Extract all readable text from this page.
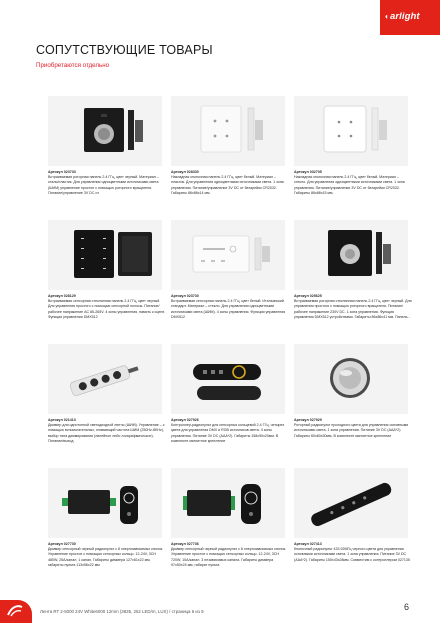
СОПУТСТВУЮЩИЕ ТОВАРЫ
Приобретаются отдельно
◖arlight
Артикул 023733
Встраиваемая роторная панель 2.4 ГГц, цвет черный. Материал – сталь/пластик. Для управления одноцветными источниками света (ШИМ) управление простое с помощью роторного вращателя. Питание/управление 3V DC от
Артикул 028330
Накладная кнопочная панель 2.4 ГГц, цвет белый. Материал – пластик. Для управления одноцветными источниками света. 1 зона управления. Питание/управление 3V DC от батарейки CR2032. Габариты 86х86х14 мм.
Артикул 032705
Накладная кнопочная панель 2.4 ГГц, цвет белый. Материал – стекло. Для управления одноцветными источниками света. 1 зона управления. Питание/управление 3V DC от батарейки CR2032. Габариты 86х86х15 мм.
Артикул 028129
Встраиваемая сенсорная стеклянная панель 2.4 ГГц, цвет черный. Для управления простого с помощью сенсорной полосы. Питание/рабочее напряжение AC 85-265V. 4 зоны управления, память к сцене. Функция управления DMX512
Артикул 023730
Встраиваемая сенсорная панель 2.4 ГГц, цвет белый. Итальянский стандарт. Материал – стекло. Для управления одноцветными источниками света (ШИМ). 4 зоны управления. Функция управления DMX512
Артикул 025625
Встраиваемая роторная стеклянная панель 2.4 ГГц, цвет черный. Для управления простого с помощью роторного вращателя. Питание/рабочее напряжение 230V DC. 1 зона управления. Функция управления DMX512 устройствами. Габариты 86х86х41 мм. Панель...
Артикул 021413
Диммер для однотонной светодиодной ленты (ШИМ). Управление – с помощью вспомогательных, плавающий частота ШИМ (250Hz-8KHz), выбор типа диммирования (линейное либо логарифмическое). Питание/выход
Артикул 027926
Контроллер-радиопульт для сенсорных кольцевой 2.4 ГГц, четырех цвета для управления DMX и RGB источников света. 4 зоны управления. Питание 3V DC (AAA*2). Габариты 158х50х20мм. В комплекте магнитное крепление
Артикул 027929
Роторный радиопульт проходного цвета для управления основными источниками света. 1 зона управления. Питание 3V DC (AAA*2). Габариты 60х60х30мм. В комплекте магнитное крепление
Артикул 027730
Диммер сенсорный черный радиопульт с 8 энергозависимых кнопок. Управление простое с помощью сенсорных кольцо. 12-24V, 3CH 480W, 25A/канал. 1 канал. Габариты диммера 127х61х22 мм, габариты пульта 113х56х22 мм
Артикул 027736
Диммер сенсорный черный радиопульт с 8 энергозависимых кнопок. Управление простое с помощью сенсорных кольцо. 12-24V, 3CH 720W, 10A/канал. 3 независимых канала. Габариты диммера 97х50х24 мм, габарит пульта
Артикул 027413
Кнопочный радиопульт 433.92МГц черного цвета для управления основными источниками света. 1 зона управления. Питание 3V DC (AAA*2). Габариты 150х43х28мм. Совместим с контроллером 027135
Лента RT 2-5000 24V White6000 12mm (3835, 252 LED/m, LUX) / страница 6 из 9	6
